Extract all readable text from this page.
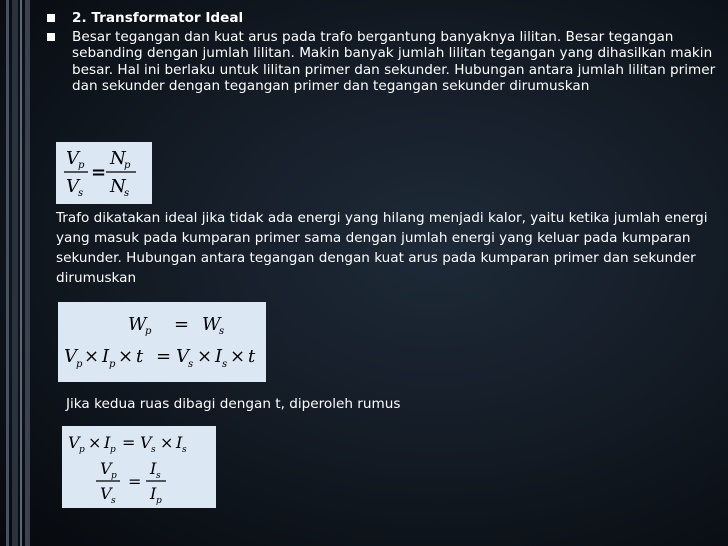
2. Transformator Ideal
Besar tegangan dan kuat arus pada trafo bergantung banyaknya lilitan. Besar tegangan sebanding dengan jumlah lilitan. Makin banyak jumlah lilitan tegangan yang dihasilkan makin besar. Hal ini berlaku untuk lilitan primer dan sekunder. Hubungan antara jumlah lilitan primer dan sekunder dengan tegangan primer dan tegangan sekunder dirumuskan
V p
V s
=
N
p
N
s
Trafo dikatakan ideal jika tidak ada energi yang hilang menjadi kalor, yaitu ketika jumlah energi yang masuk pada kumparan primer sama dengan jumlah energi yang keluar pada kumparan sekunder. Hubungan antara tegangan dengan kuat arus pada kumparan primer dan sekunder dirumuskan
W
p = W
s
V p × I p × t = V s × I s × t
Jika kedua ruas dibagi dengan t, diperoleh rumus
V p × I p = V s × I s
V p
V s
=
I s
I p
